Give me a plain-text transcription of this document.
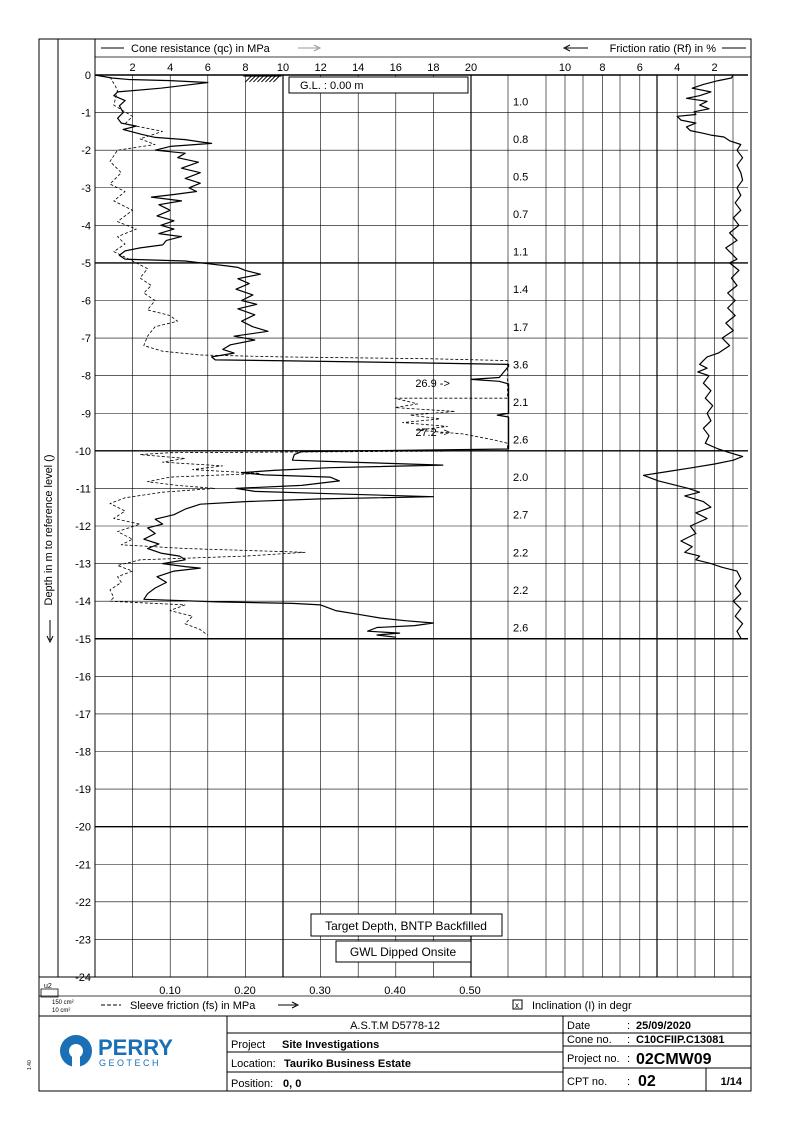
0
-1
-2
-3
-4
-5
-6
-7
-8
-9
-10
-11
-12
-13
-14
-15
-16
-17
-18
-19
-20
-21
-22
-23
-24
2	4	6	8	10 12 14 16 18 20	10	8	6	4	2
Cone resistance (qc) in MPa	Friction ratio (Rf) in %
Depth in m to reference level ()
1.0
0.8
0.5
0.7
1.1
1.4
1.7
3.6
2.1
2.6
2.0
2.7
2.2
2.2
2.6
26.9 ->
27.2 ->
G.L. : 0.00 m
Target Depth, BNTP Backfilled
GWL Dipped Onsite
0.10	0.20	0.30	0.40	0.50
Sleeve friction (fs) in MPa	x Inclination (I) in degr
u2
150 cm²
10 cm²
A.S.T.M D5778-12
Project Site Investigations
Location: Tauriko Business Estate
Position: 0, 0
Date	: 25/09/2020
Cone no. : C10CFIIP.C13081
Project no. : 02CMW09
CPT no. : 02	1/14
PERRY
GEOTECH
1.40
